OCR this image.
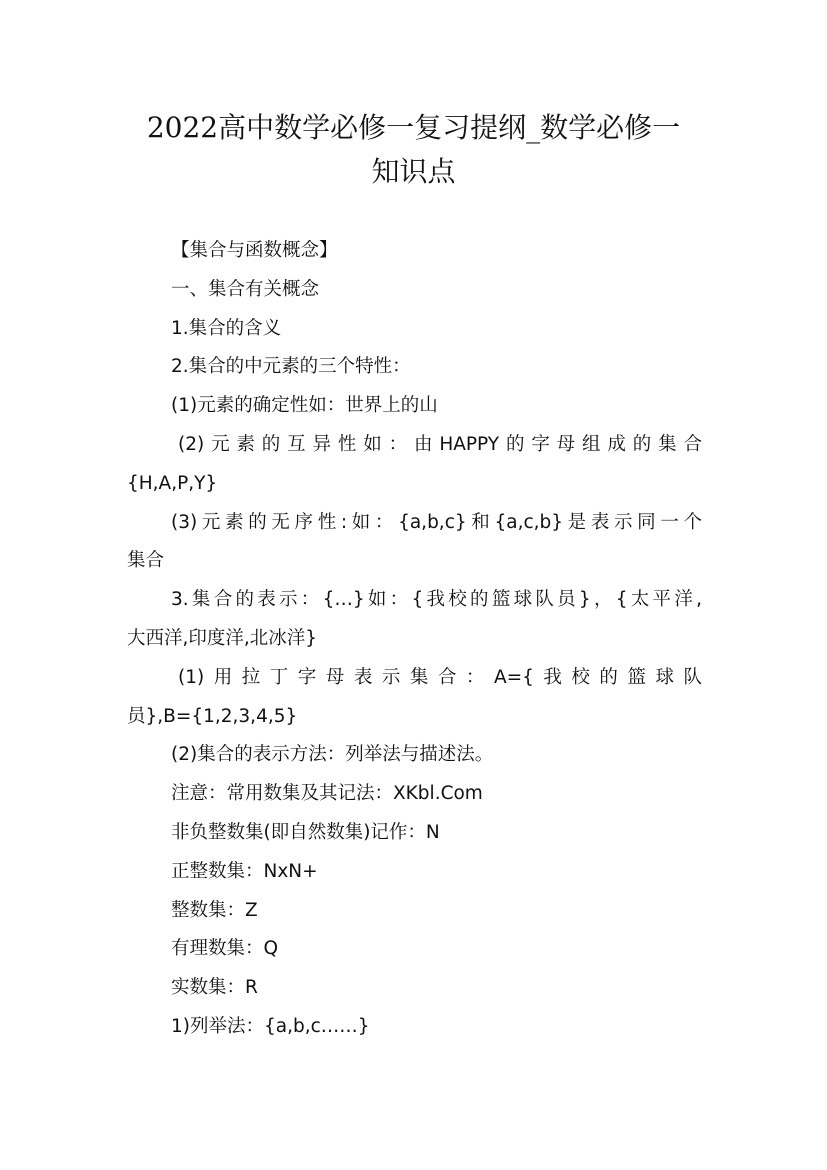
2022高中数学必修一复习提纲_数学必修一
知识点
【集合与函数概念】
一、集合有关概念
1.集合的含义
2.集合的中元素的三个特性：
(1)元素的确定性如：世界上的山
(2)元素的互异性如：由HAPPY的字母组成的集合
{H,A,P,Y}
(3)元素的无序性:如：{a,b,c}和{a,c,b}是表示同一个
集合
3.集合的表示：{…}如：{我校的篮球队员}，{太平洋,
大西洋,印度洋,北冰洋}
(1)用拉丁字母表示集合：A={我校的篮球队
员},B={1,2,3,4,5}
(2)集合的表示方法：列举法与描述法。
注意：常用数集及其记法：XKbl.Com
非负整数集(即自然数集)记作：N
正整数集：NxN+
整数集：Z
有理数集：Q
实数集：R
1)列举法：{a,b,c……}
